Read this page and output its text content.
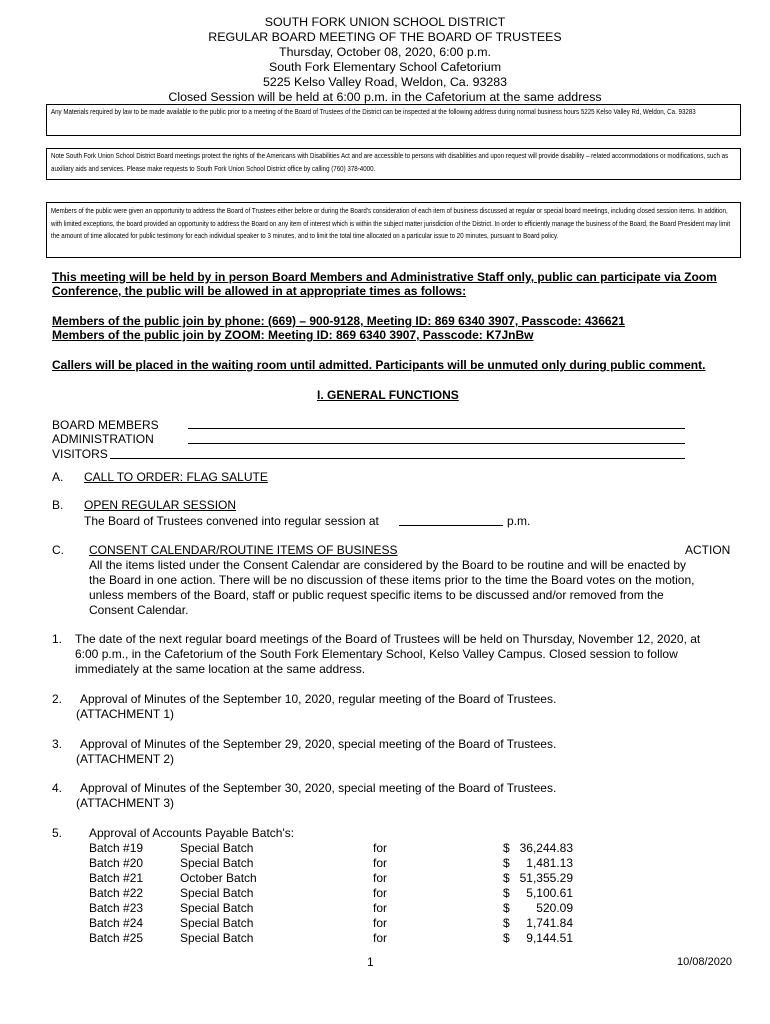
SOUTH FORK UNION SCHOOL DISTRICT
REGULAR BOARD MEETING OF THE BOARD OF TRUSTEES
Thursday, October 08, 2020, 6:00 p.m.
South Fork Elementary School Cafetorium
5225 Kelso Valley Road, Weldon, Ca. 93283
Closed Session will be held at 6:00 p.m. in the Cafetorium at the same address

Any Materials required by law to be made available to the public prior to a meeting of the Board of Trustees of the District can be inspected at the following address during normal business hours 5225 Kelso Valley Rd, Weldon, Ca. 93283

Note South Fork Union School District Board meetings protect the rights of the Americans with Disabilities Act and are accessible to persons with disabilities and upon request will provide disability – related accommodations or modifications, such as auxiliary aids and services. Please make requests to South Fork Union School District office by calling (760) 378-4000.

Members of the public were given an opportunity to address the Board of Trustees either before or during the Board's consideration of each item of business discussed at regular or special board meetings, including closed session items. In addition, with limited exceptions, the board provided an opportunity to address the Board on any item of interest which is within the subject matter jurisdiction of the District. In order to efficiently manage the business of the Board, the Board President may limit the amount of time allocated for public testimony for each individual speaker to 3 minutes, and to limit the total time allocated on a particular issue to 20 minutes, pursuant to Board policy.

This meeting will be held by in person Board Members and Administrative Staff only, public can participate via Zoom Conference, the public will be allowed in at appropriate times as follows:
Members of the public join by phone: (669) – 900-9128, Meeting ID: 869 6340 3907, Passcode: 436621
Members of the public join by ZOOM: Meeting ID: 869 6340 3907, Passcode: K7JnBw
Callers will be placed in the waiting room until admitted. Participants will be unmuted only during public comment.
I. GENERAL FUNCTIONS
BOARD MEMBERS
ADMINISTRATION
VISITORS
A. CALL TO ORDER: FLAG SALUTE
B. OPEN REGULAR SESSION
The Board of Trustees convened into regular session at	p.m.
C. CONSENT CALENDAR/ROUTINE ITEMS OF BUSINESS	ACTION
All the items listed under the Consent Calendar are considered by the Board to be routine and will be enacted by
the Board in one action. There will be no discussion of these items prior to the time the Board votes on the motion,
unless members of the Board, staff or public request specific items to be discussed and/or removed from the
Consent Calendar.
1. The date of the next regular board meetings of the Board of Trustees will be held on Thursday, November 12, 2020, at
6:00 p.m., in the Cafetorium of the South Fork Elementary School, Kelso Valley Campus. Closed session to follow
immediately at the same location at the same address.
2. Approval of Minutes of the September 10, 2020, regular meeting of the Board of Trustees.
(ATTACHMENT 1)
3. Approval of Minutes of the September 29, 2020, special meeting of the Board of Trustees.
(ATTACHMENT 2)
4. Approval of Minutes of the September 30, 2020, special meeting of the Board of Trustees.
(ATTACHMENT 3)
5. Approval of Accounts Payable Batch's:
Batch #19	Special Batch	for	$ 36,244.83
Batch #20	Special Batch	for	$ 1,481.13
Batch #21	October Batch	for	$ 51,355.29
Batch #22	Special Batch	for	$ 5,100.61
Batch #23	Special Batch	for	$ 520.09
Batch #24	Special Batch	for	$ 1,741.84
Batch #25	Special Batch	for	$ 9,144.51
1	10/08/2020
